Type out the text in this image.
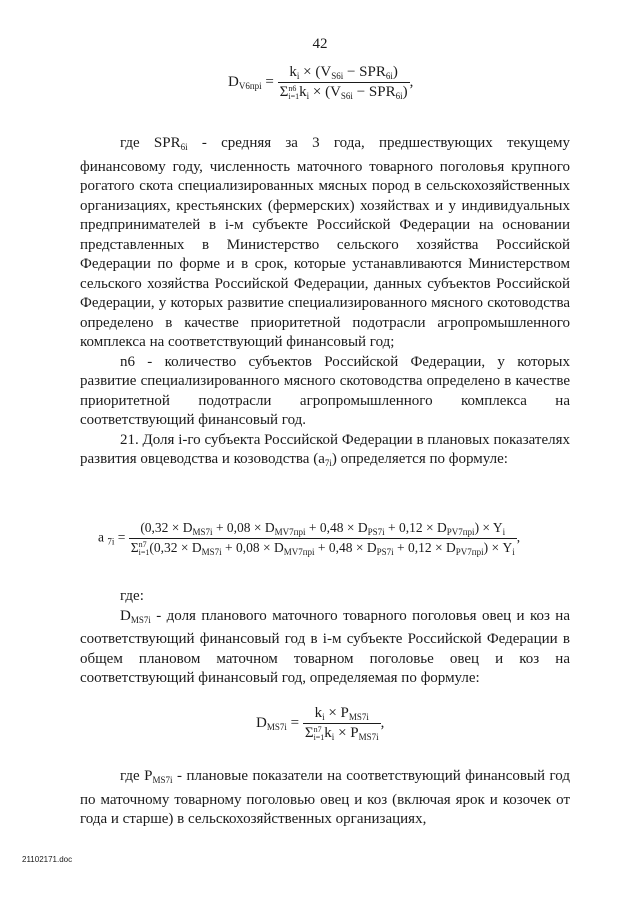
42
$D_{V6пpi}$ =
$k_i \times (V_{S6i} - SPR_{6i})$
Σn6
$i=1k_i \times (V_{S6i} - SPR_{6i})$
,

где $SPR_{6i}$ - средняя за 3 года, предшествующих текущему финансовому году, численность маточного товарного поголовья крупного рогатого скота специализированных мясных пород в сельскохозяйственных организациях, крестьянских (фермерских) хозяйствах и у индивидуальных предпринимателей в i-м субъекте Российской Федерации на основании представленных в Министерство сельского хозяйства Российской Федерации по форме и в срок, которые устанавливаются Министерством сельского хозяйства Российской Федерации, данных субъектов Российской Федерации, у которых развитие специализированного мясного скотоводства определено в качестве приоритетной подотрасли агропромышленного комплекса на соответствующий финансовый год;

n6 - количество субъектов Российской Федерации, у которых развитие специализированного мясного скотоводства определено в качестве приоритетной подотрасли агропромышленного комплекса на соответствующий финансовый год.

21. Доля i-го субъекта Российской Федерации в плановых показателях развития овцеводства и козоводства $(a_{7i})$ определяется по формуле:

a $_{7i}$ =
$(0,32 \times D_{MS7i} + 0,08 \times D_{MV7пpi} + 0,48 \times D_{PS7i} + 0,12 \times D_{PV7пpi}) \times Y_i$
Σn7
$i=1(0,32 \times D_{MS7i} + 0,08 \times D_{MV7пpi} + 0,48 \times D_{PS7i} + 0,12 \times D_{PV7пpi}) \times Y_i$
,

где:

$D_{MS7i}$ - доля планового маточного товарного поголовья овец и коз на соответствующий финансовый год в i-м субъекте Российской Федерации в общем плановом маточном товарном поголовье овец и коз на соответствующий финансовый год, определяемая по формуле:

$D_{MS7i}$ =
$k_i \times P_{MS7i}$
Σn7
$i=1k_i \times P_{MS7i}$
,

где $P_{MS7i}$ - плановые показатели на соответствующий финансовый год по маточному товарному поголовью овец и коз (включая ярок и козочек от года и старше) в сельскохозяйственных организациях,

21102171.doc
